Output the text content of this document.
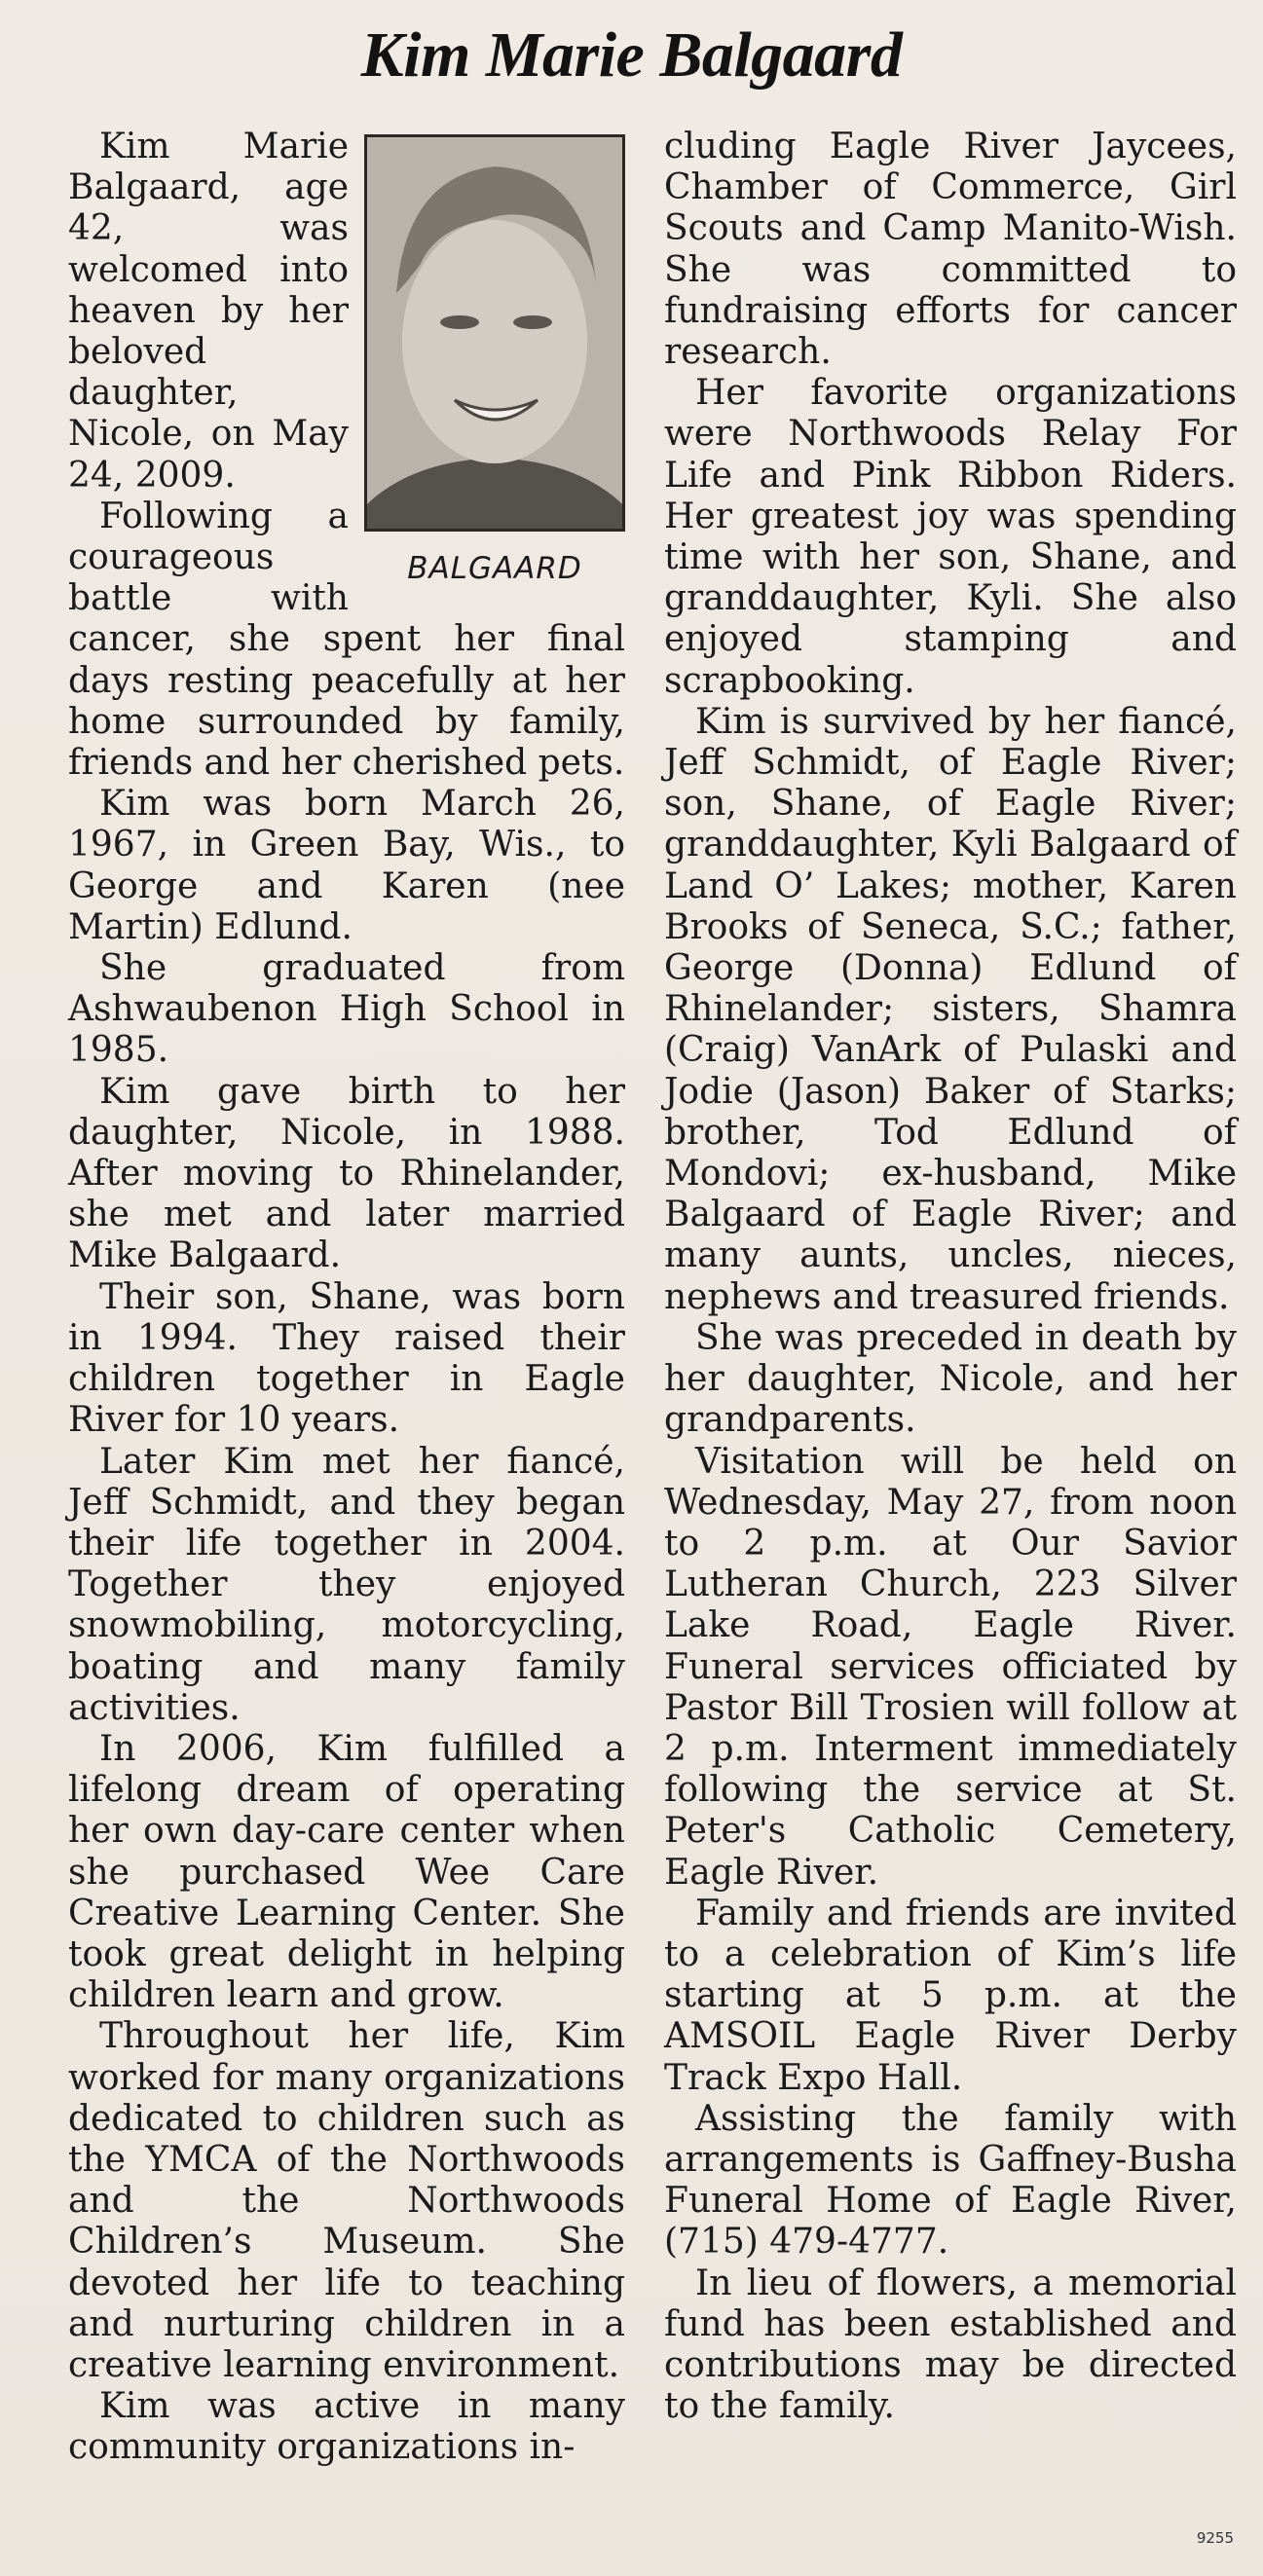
Kim Marie Balgaard
BALGAARD

Kim Marie Balgaard, age 42, was welcomed into heaven by her beloved daughter, Nicole, on May 24, 2009.

Following a courageous battle with cancer, she spent her final days resting peacefully at her home surrounded by family, friends and her cherished pets.

Kim was born March 26, 1967, in Green Bay, Wis., to George and Karen (nee Martin) Edlund.

She graduated from Ashwaubenon High School in 1985.

Kim gave birth to her daughter, Nicole, in 1988. After moving to Rhinelander, she met and later married Mike Balgaard.

Their son, Shane, was born in 1994. They raised their children together in Eagle River for 10 years.

Later Kim met her fiancé, Jeff Schmidt, and they began their life together in 2004. Together they enjoyed snowmobiling, motorcycling, boating and many family activities.

In 2006, Kim fulfilled a lifelong dream of operating her own day-care center when she purchased Wee Care Creative Learning Center. She took great delight in helping children learn and grow.

Throughout her life, Kim worked for many organizations dedicated to children such as the YMCA of the Northwoods and the Northwoods Children’s Museum. She devoted her life to teaching and nurturing children in a creative learning environment.

Kim was active in many community organizations in-

cluding Eagle River Jaycees, Chamber of Commerce, Girl Scouts and Camp Manito-Wish. She was committed to fundraising efforts for cancer research.

Her favorite organizations were Northwoods Relay For Life and Pink Ribbon Riders. Her greatest joy was spending time with her son, Shane, and granddaughter, Kyli. She also enjoyed stamping and scrapbooking.

Kim is survived by her fiancé, Jeff Schmidt, of Eagle River; son, Shane, of Eagle River; granddaughter, Kyli Balgaard of Land O’ Lakes; mother, Karen Brooks of Seneca, S.C.; father, George (Donna) Edlund of Rhinelander; sisters, Shamra (Craig) VanArk of Pulaski and Jodie (Jason) Baker of Starks; brother, Tod Edlund of Mondovi; ex-husband, Mike Balgaard of Eagle River; and many aunts, uncles, nieces, nephews and treasured friends.

She was preceded in death by her daughter, Nicole, and her grandparents.

Visitation will be held on Wednesday, May 27, from noon to 2 p.m. at Our Savior Lutheran Church, 223 Silver Lake Road, Eagle River. Funeral services officiated by Pastor Bill Trosien will follow at 2 p.m. Interment immediately following the service at St. Peter's Catholic Cemetery, Eagle River.

Family and friends are invited to a celebration of Kim’s life starting at 5 p.m. at the AMSOIL Eagle River Derby Track Expo Hall.

Assisting the family with arrangements is Gaffney-Busha Funeral Home of Eagle River, (715) 479-4777.

In lieu of flowers, a memorial fund has been established and contributions may be directed to the family.

9255
